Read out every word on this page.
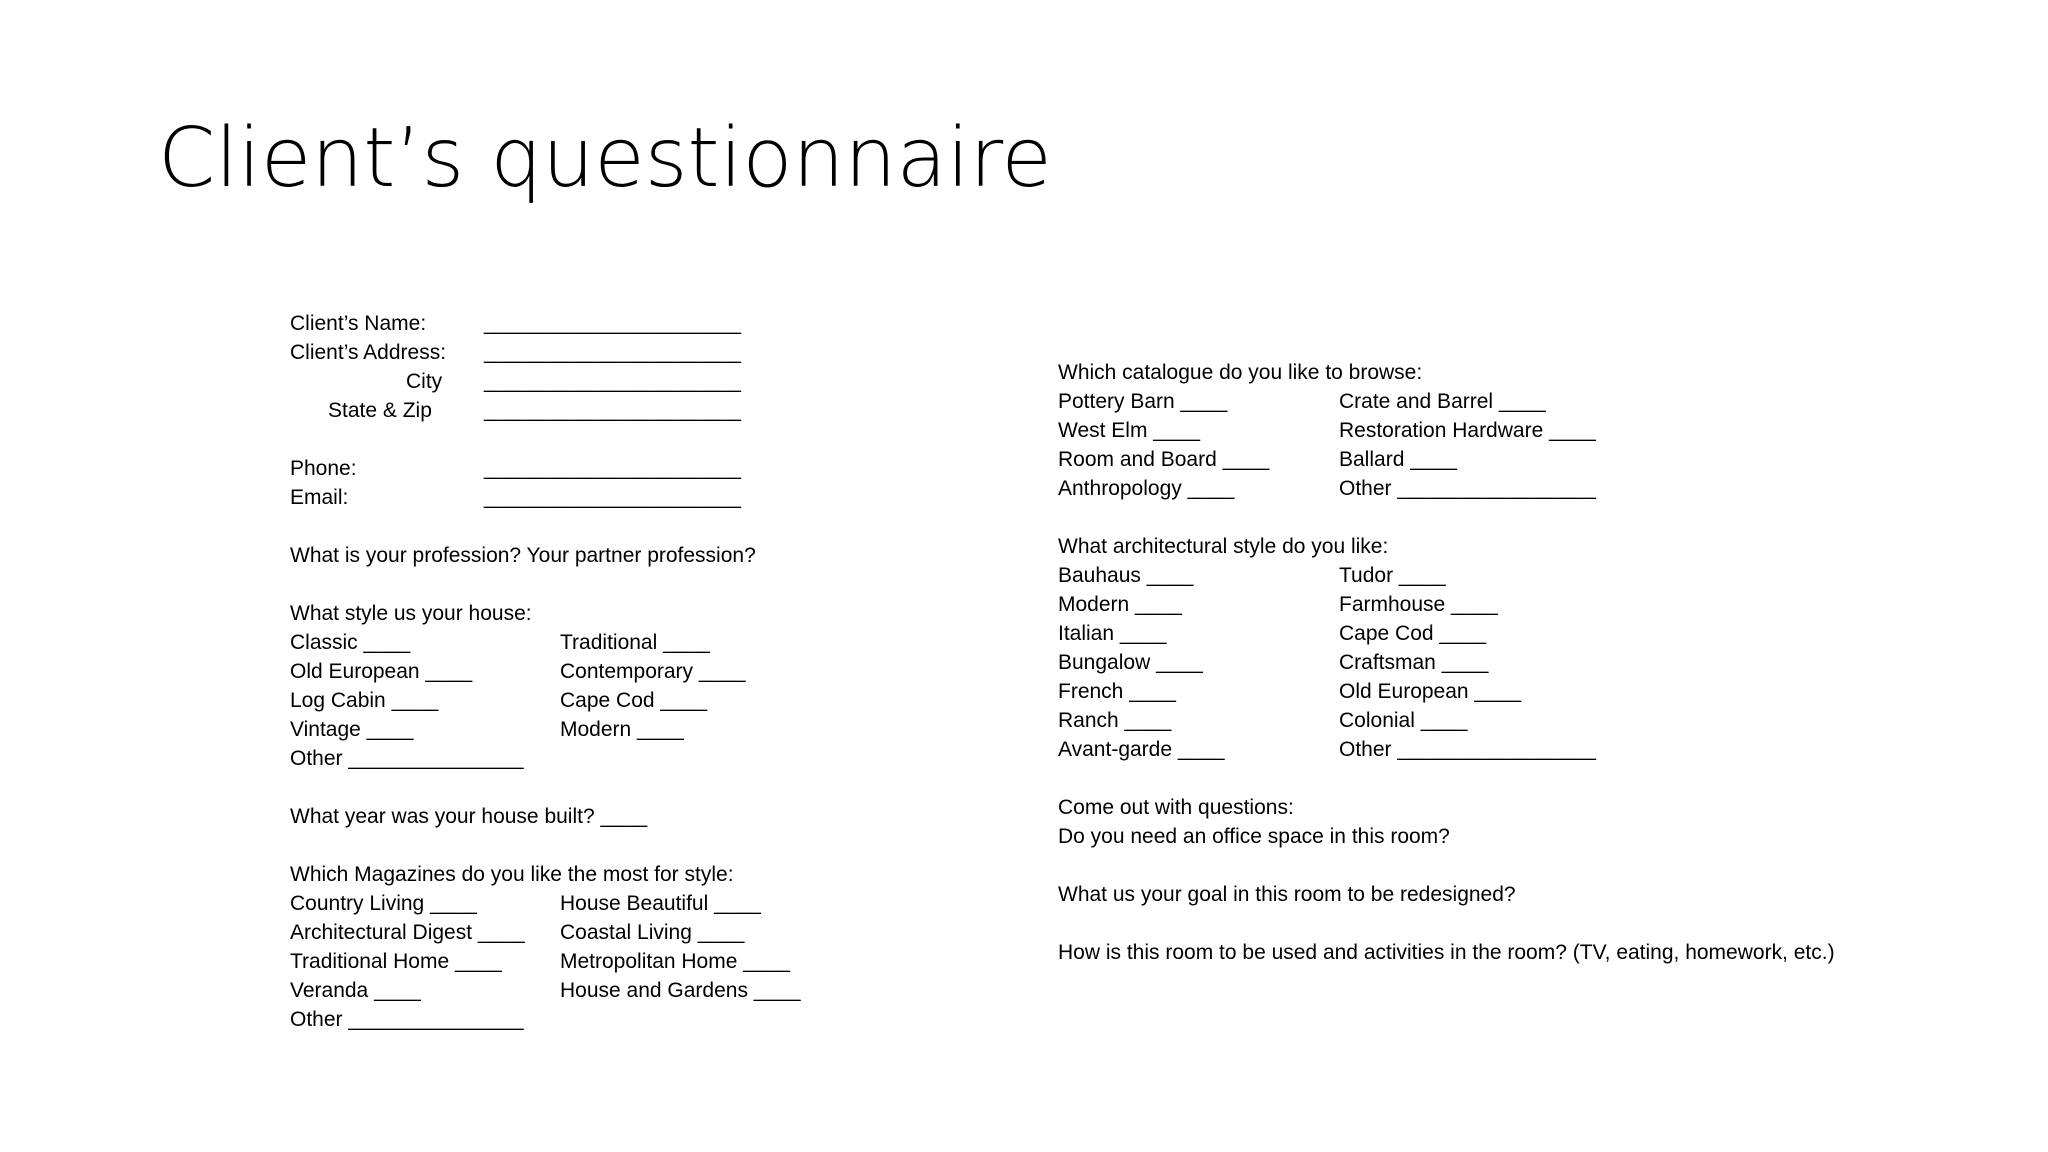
Client’s questionnaire
Client’s Name:	______________________
Client’s Address: ______________________
City ______________________
State & Zip ______________________
Phone:	______________________
Email:	______________________
What is your profession? Your partner profession?
What style us your house:
Classic ____	Traditional ____
Old European ____	Contemporary ____
Log Cabin ____	Cape Cod ____
Vintage ____	Modern ____
Other _______________
What year was your house built? ____
Which Magazines do you like the most for style:
Country Living ____	House Beautiful ____
Architectural Digest ____ Coastal Living ____
Traditional Home ____	Metropolitan Home ____
Veranda ____	House and Gardens ____
Other _______________
Which catalogue do you like to browse:
Pottery Barn ____	Crate and Barrel ____
West Elm ____	Restoration Hardware ____
Room and Board ____	Ballard ____
Anthropology ____	Other _________________
What architectural style do you like:
Bauhaus ____	Tudor ____
Modern ____	Farmhouse ____
Italian ____	Cape Cod ____
Bungalow ____	Craftsman ____
French ____	Old European ____
Ranch ____	Colonial ____
Avant-garde ____	Other _________________
Come out with questions:
Do you need an office space in this room?
What us your goal in this room to be redesigned?
How is this room to be used and activities in the room? (TV, eating, homework, etc.)
